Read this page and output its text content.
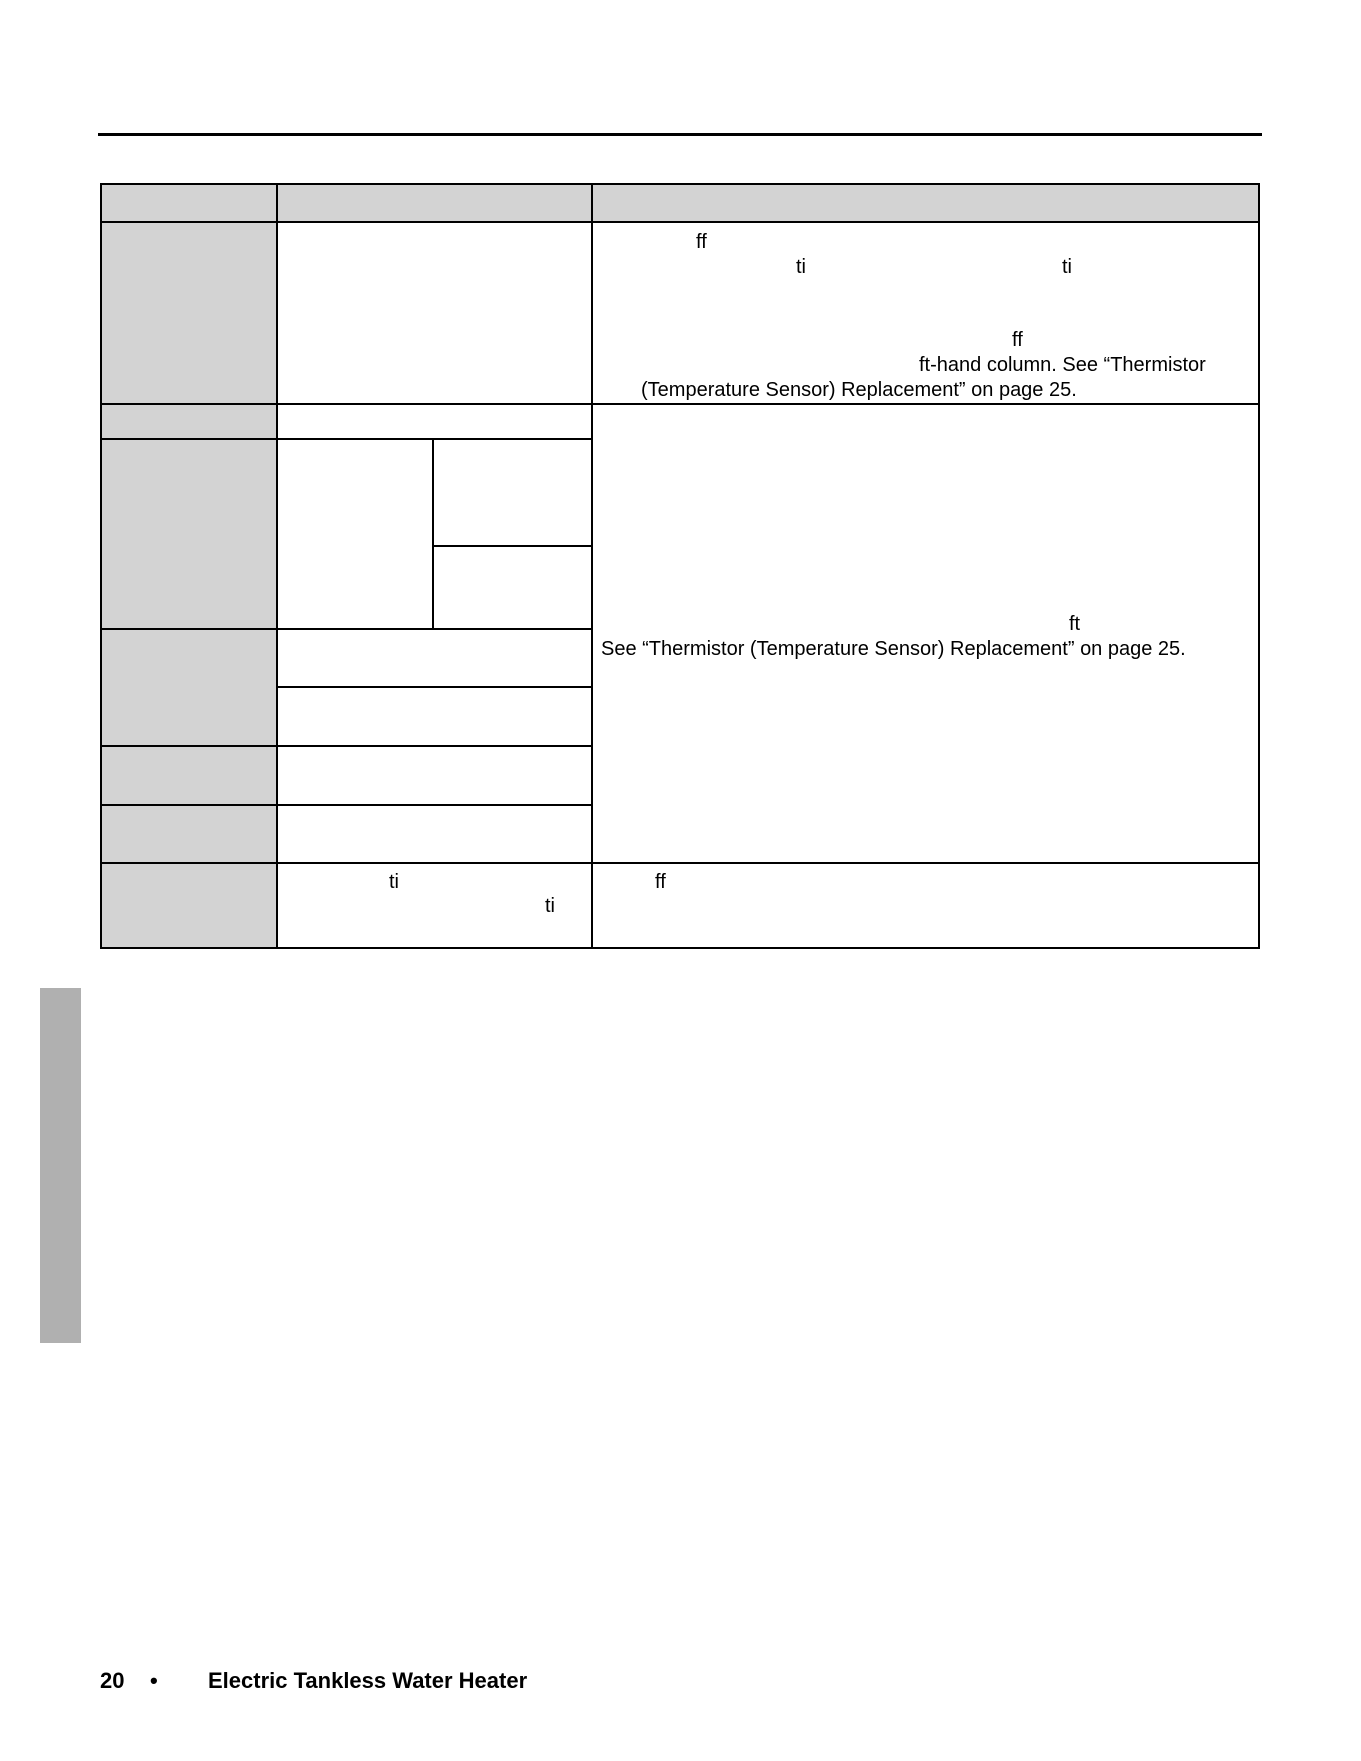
ff
ti	ti
ff
ft-hand column. See “Thermistor
(Temperature Sensor) Replacement” on page 25.
ft
See “Thermistor (Temperature Sensor) Replacement” on page 25.
ti
ti
ff
20 • Electric Tankless Water Heater
